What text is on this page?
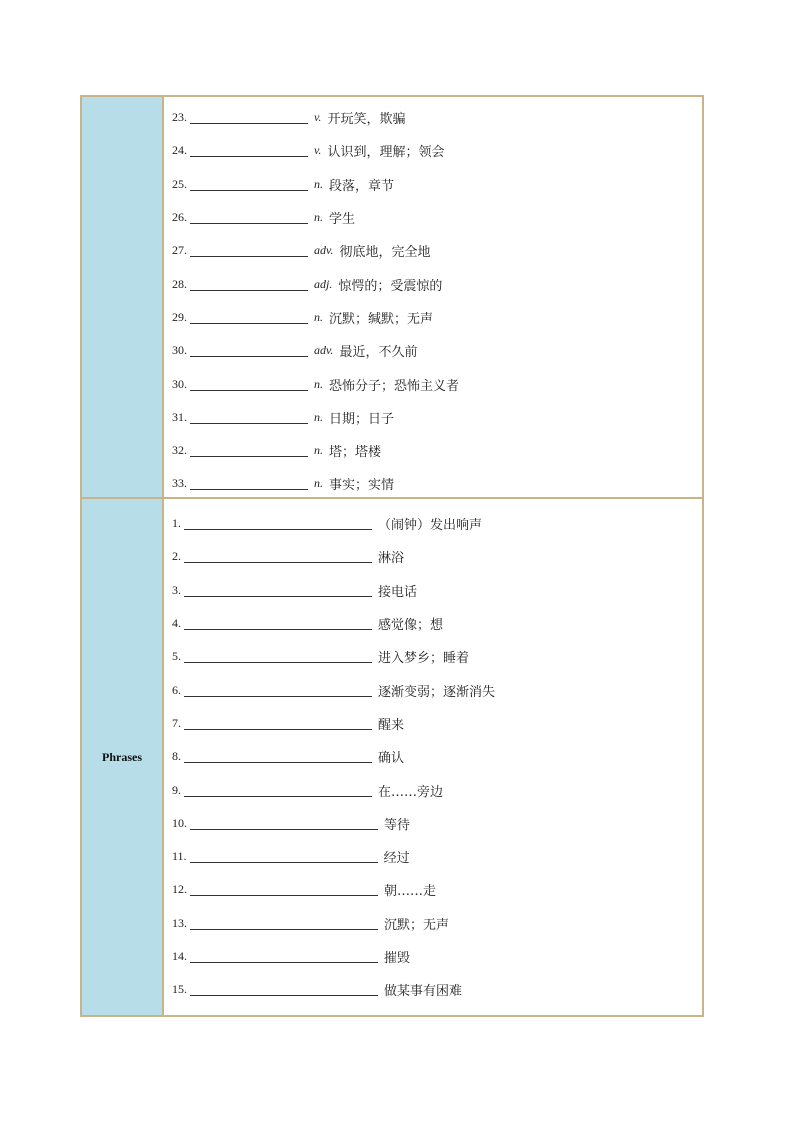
23.	v. 开玩笑，欺骗
24.	v. 认识到，理解；领会
25.	n. 段落，章节
26.	n. 学生
27.	adv. 彻底地，完全地
28.	adj. 惊愕的；受震惊的
29.	n. 沉默；缄默；无声
30.	adv. 最近，不久前
30.	n. 恐怖分子；恐怖主义者
31.	n. 日期；日子
32.	n. 塔；塔楼
33.	n. 事实；实情
Phrases
1.	（闹钟）发出响声
2.	淋浴
3.	接电话
4.	感觉像；想
5.	进入梦乡；睡着
6.	逐渐变弱；逐渐消失
7.	醒来
8.	确认
9.	在……旁边
10.	等待
11.	经过
12.	朝……走
13.	沉默；无声
14.	摧毁
15.	做某事有困难
